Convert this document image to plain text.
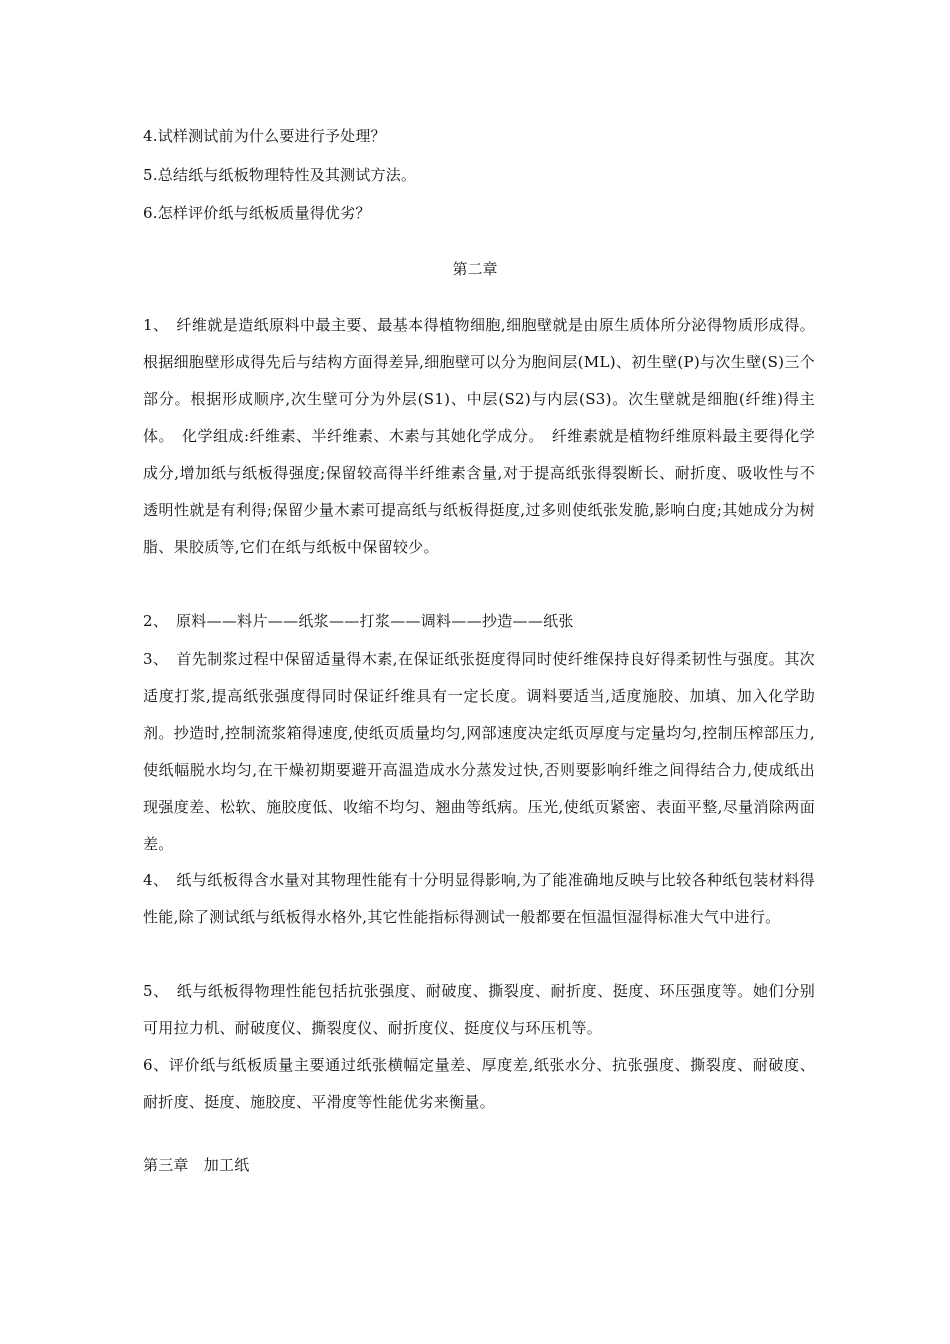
4.试样测试前为什么要进行予处理？
5.总结纸与纸板物理特性及其测试方法。
6.怎样评价纸与纸板质量得优劣？
第二章
1、　纤维就是造纸原料中最主要、最基本得植物细胞,细胞壁就是由原生质体所分泌得物质形成得。根据细胞壁形成得先后与结构方面得差异,细胞壁可以分为胞间层(ML)、初生壁(P)与次生壁(S)三个部分。根据形成顺序,次生壁可分为外层(S1)、中层(S2)与内层(S3)。次生壁就是细胞(纤维)得主体。　化学组成:纤维素、半纤维素、木素与其她化学成分。　纤维素就是植物纤维原料最主要得化学成分,增加纸与纸板得强度;保留较高得半纤维素含量,对于提高纸张得裂断长、耐折度、吸收性与不透明性就是有利得;保留少量木素可提高纸与纸板得挺度,过多则使纸张发脆,影响白度;其她成分为树脂、果胶质等,它们在纸与纸板中保留较少。
2、　原料——料片——纸浆——打浆——调料——抄造——纸张
3、　首先制浆过程中保留适量得木素,在保证纸张挺度得同时使纤维保持良好得柔韧性与强度。其次适度打浆,提高纸张强度得同时保证纤维具有一定长度。调料要适当,适度施胶、加填、加入化学助剂。抄造时,控制流浆箱得速度,使纸页质量均匀,网部速度决定纸页厚度与定量均匀,控制压榨部压力,使纸幅脱水均匀,在干燥初期要避开高温造成水分蒸发过快,否则要影响纤维之间得结合力,使成纸出现强度差、松软、施胶度低、收缩不均匀、翘曲等纸病。压光,使纸页紧密、表面平整,尽量消除两面差。
4、　纸与纸板得含水量对其物理性能有十分明显得影响,为了能准确地反映与比较各种纸包装材料得性能,除了测试纸与纸板得水格外,其它性能指标得测试一般都要在恒温恒湿得标准大气中进行。
5、　纸与纸板得物理性能包括抗张强度、耐破度、撕裂度、耐折度、挺度、环压强度等。她们分别可用拉力机、耐破度仪、撕裂度仪、耐折度仪、挺度仪与环压机等。
6、评价纸与纸板质量主要通过纸张横幅定量差、厚度差,纸张水分、抗张强度、撕裂度、耐破度、耐折度、挺度、施胶度、平滑度等性能优劣来衡量。
第三章　加工纸
